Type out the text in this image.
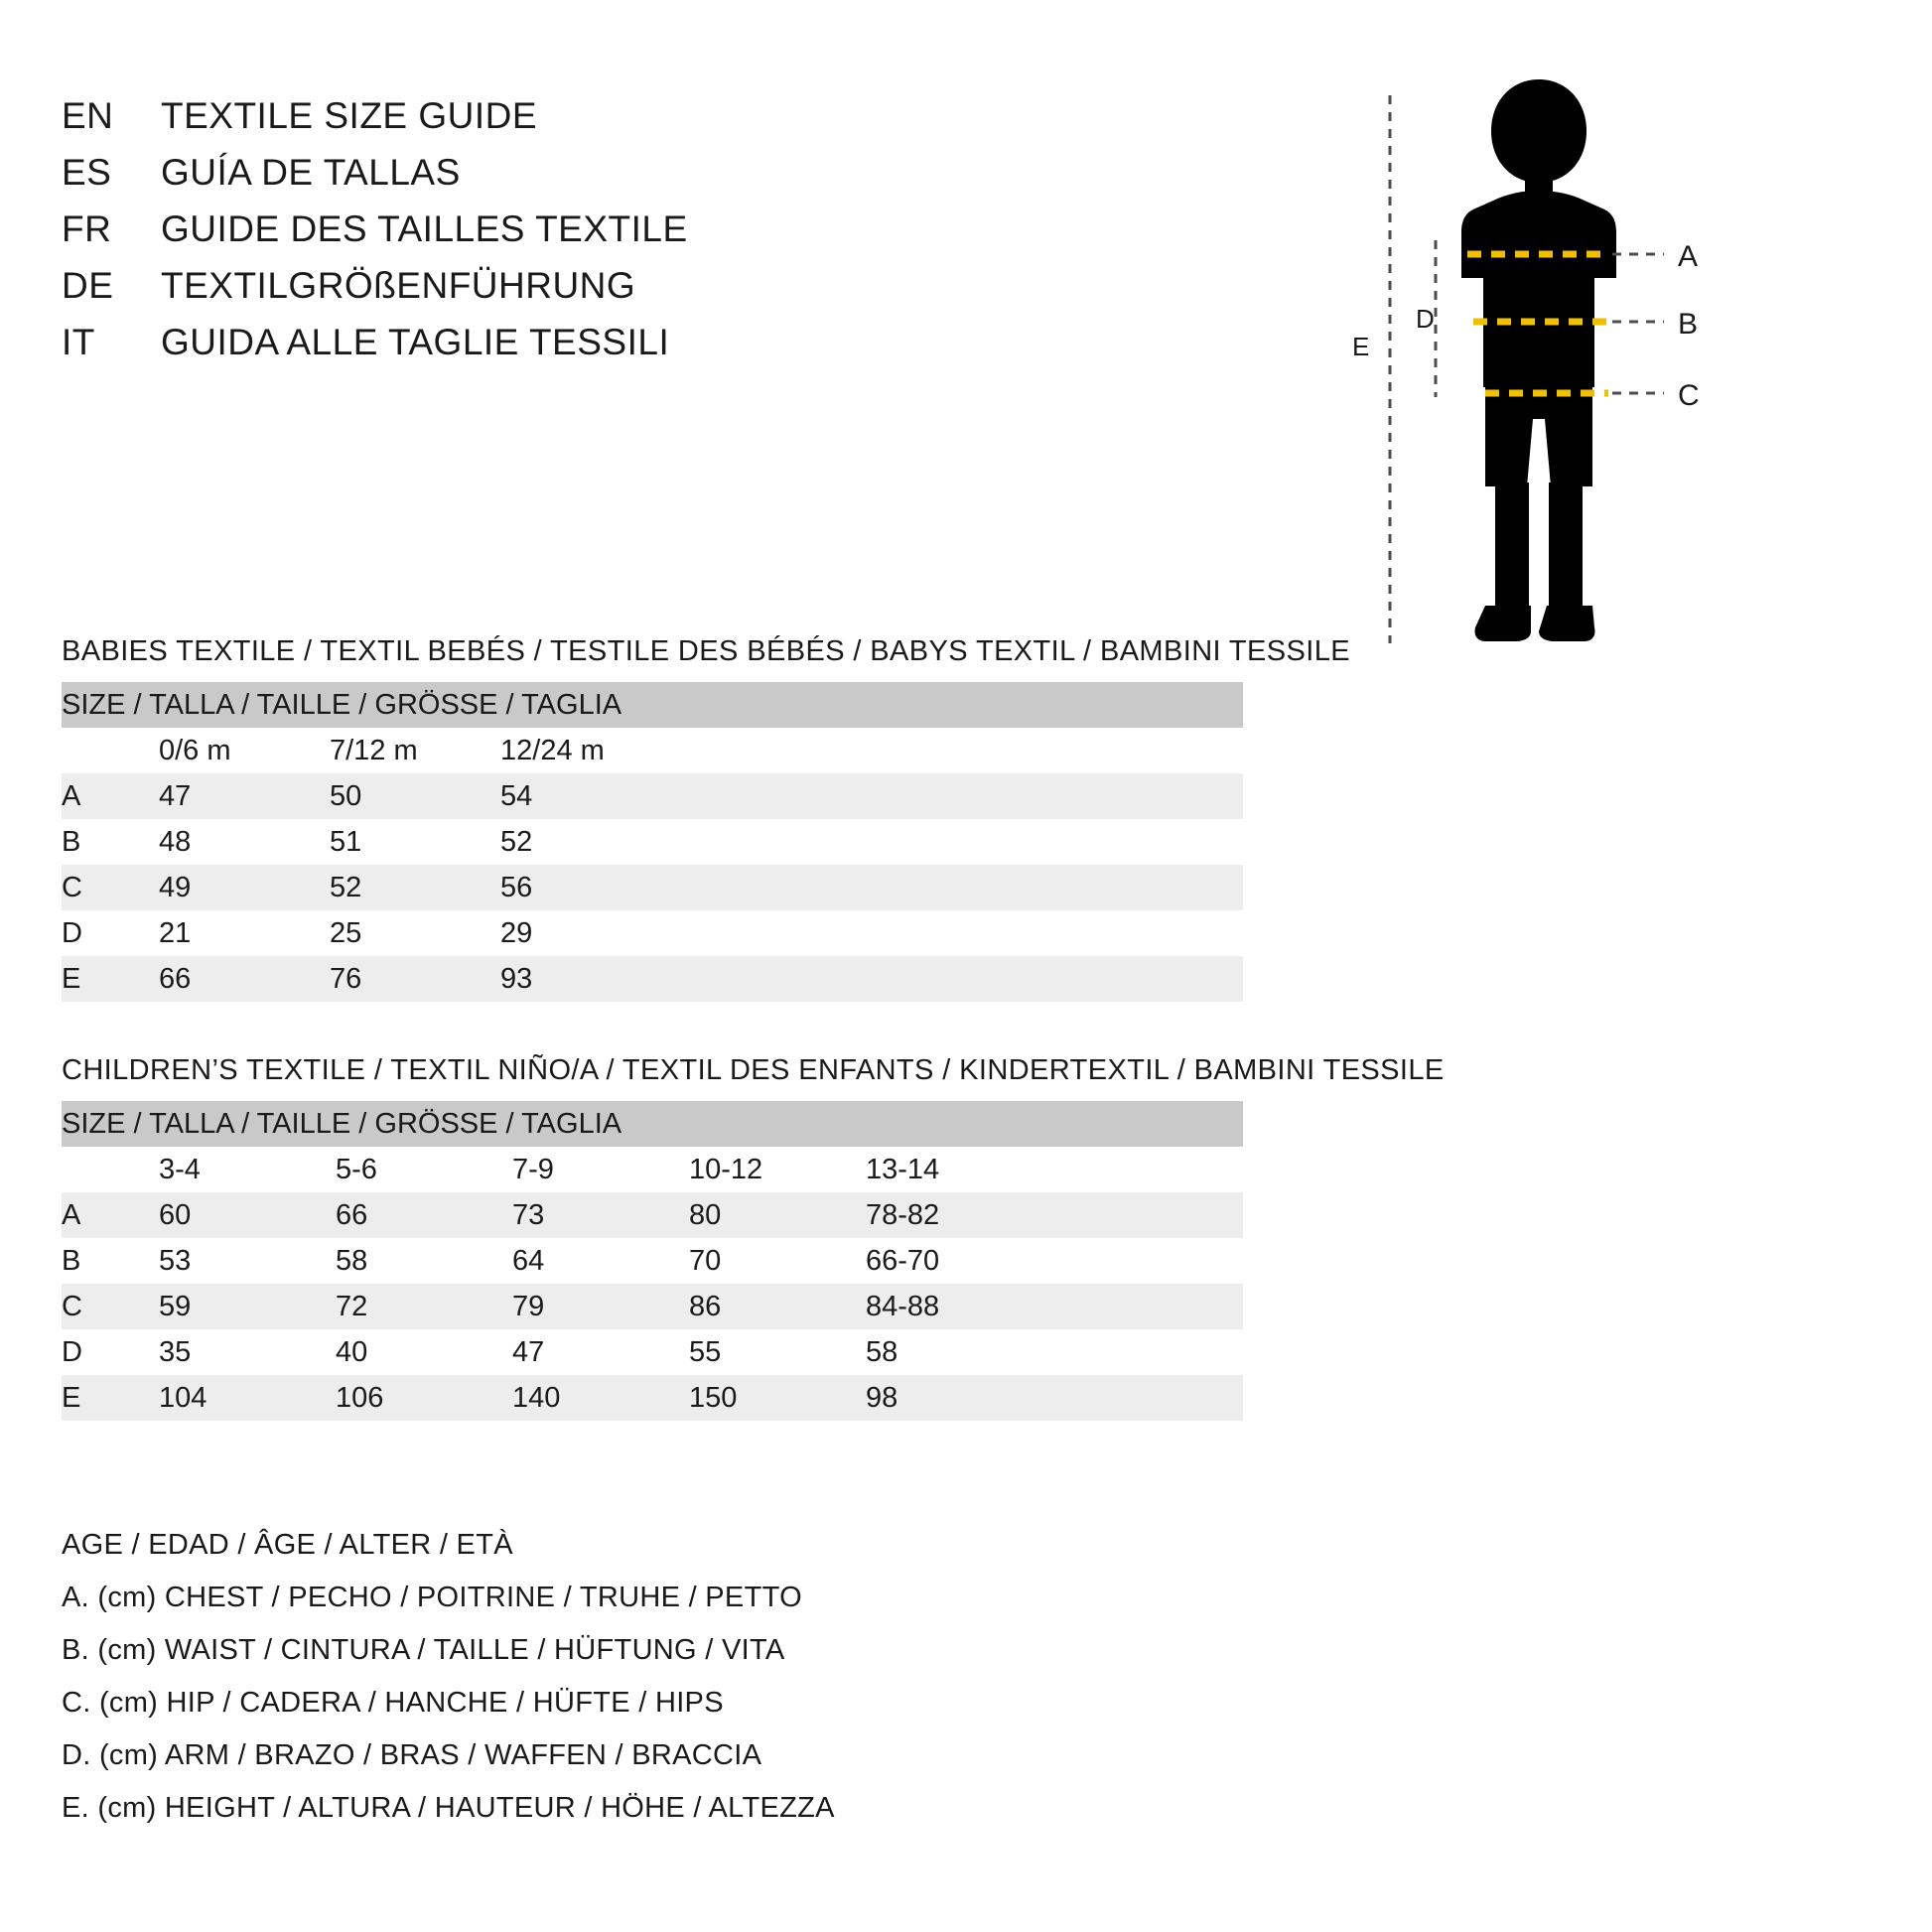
EN	TEXTILE SIZE GUIDE
ES	GUÍA DE TALLAS
FR	GUIDE DES TAILLES TEXTILE
DE	TEXTILGRÖßENFÜHRUNG
IT	GUIDA ALLE TAGLIE TESSILI
A
B
C
D
E
BABIES TEXTILE / TEXTIL BEBÉS / TESTILE DES BÉBÉS / BABYS TEXTIL / BAMBINI TESSILE
SIZE / TALLA / TAILLE / GRÖSSE / TAGLIA				
	0/6 m	7/12 m	12/24 m	
A	47	50	54	
B	48	51	52	
C	49	52	56	
D	21	25	29	
E	66	76	93	
CHILDREN’S TEXTILE / TEXTIL NIÑO/A / TEXTIL DES ENFANTS / KINDERTEXTIL / BAMBINI TESSILE
SIZE / TALLA / TAILLE / GRÖSSE / TAGLIA					
	3-4	5-6	7-9	10-12	13-14
A	60	66	73	80	78-82
B	53	58	64	70	66-70
C	59	72	79	86	84-88
D	35	40	47	55	58
E	104	106	140	150	98
AGE / EDAD / ÂGE / ALTER / ETÀ
A. (cm) CHEST / PECHO / POITRINE / TRUHE / PETTO
B. (cm) WAIST / CINTURA / TAILLE / HÜFTUNG / VITA
C. (cm) HIP / CADERA / HANCHE / HÜFTE / HIPS
D. (cm) ARM / BRAZO / BRAS / WAFFEN / BRACCIA
E. (cm) HEIGHT / ALTURA / HAUTEUR / HÖHE / ALTEZZA
